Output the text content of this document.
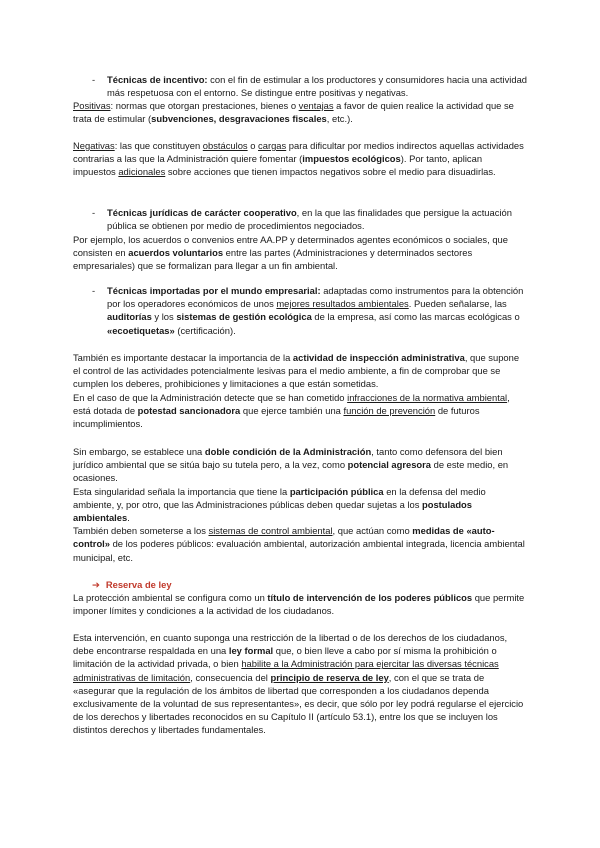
-	Técnicas de incentivo: con el fin de estimular a los productores y consumidores hacia una actividad más respetuosa con el entorno. Se distingue entre positivas y negativas.

Positivas: normas que otorgan prestaciones, bienes o ventajas a favor de quien realice la actividad que se trata de estimular (subvenciones, desgravaciones fiscales, etc.).

Negativas: las que constituyen obstáculos o cargas para dificultar por medios indirectos aquellas actividades contrarias a las que la Administración quiere fomentar (impuestos ecológicos). Por tanto, aplican impuestos adicionales sobre acciones que tienen impactos negativos sobre el medio para disuadirlas.

-	Técnicas jurídicas de carácter cooperativo, en la que las finalidades que persigue la actuación pública se obtienen por medio de procedimientos negociados.

Por ejemplo, los acuerdos o convenios entre AA.PP y determinados agentes económicos o sociales, que consisten en acuerdos voluntarios entre las partes (Administraciones y determinados sectores empresariales) que se formalizan para llegar a un fin ambiental.

-	Técnicas importadas por el mundo empresarial: adaptadas como instrumentos para la obtención por los operadores económicos de unos mejores resultados ambientales. Pueden señalarse, las auditorías y los sistemas de gestión ecológica de la empresa, así como las marcas ecológicas o «ecoetiquetas» (certificación).

También es importante destacar la importancia de la actividad de inspección administrativa, que supone el control de las actividades potencialmente lesivas para el medio ambiente, a fin de comprobar que se cumplen los deberes, prohibiciones y limitaciones a que están sometidas.
En el caso de que la Administración detecte que se han cometido infracciones de la normativa ambiental, está dotada de potestad sancionadora que ejerce también una función de prevención de futuros incumplimientos.

Sin embargo, se establece una doble condición de la Administración, tanto como defensora del bien jurídico ambiental que se sitúa bajo su tutela pero, a la vez, como potencial agresora de este medio, en ocasiones.
Esta singularidad señala la importancia que tiene la participación pública en la defensa del medio ambiente, y, por otro, que las Administraciones públicas deben quedar sujetas a los postulados ambientales.
También deben someterse a los sistemas de control ambiental, que actúan como medidas de «auto-control» de los poderes públicos: evaluación ambiental, autorización ambiental integrada, licencia ambiental municipal, etc.

➔ Reserva de ley

La protección ambiental se configura como un título de intervención de los poderes públicos que permite imponer límites y condiciones a la actividad de los ciudadanos.

Esta intervención, en cuanto suponga una restricción de la libertad o de los derechos de los ciudadanos, debe encontrarse respaldada en una ley formal que, o bien lleve a cabo por sí misma la prohibición o limitación de la actividad privada, o bien habilite a la Administración para ejercitar las diversas técnicas administrativas de limitación, consecuencia del principio de reserva de ley, con el que se trata de «asegurar que la regulación de los ámbitos de libertad que corresponden a los ciudadanos dependa exclusivamente de la voluntad de sus representantes», es decir, que sólo por ley podrá regularse el ejercicio de los derechos y libertades reconocidos en su Capítulo II (artículo 53.1), entre los que se incluyen los distintos derechos y libertades fundamentales.
